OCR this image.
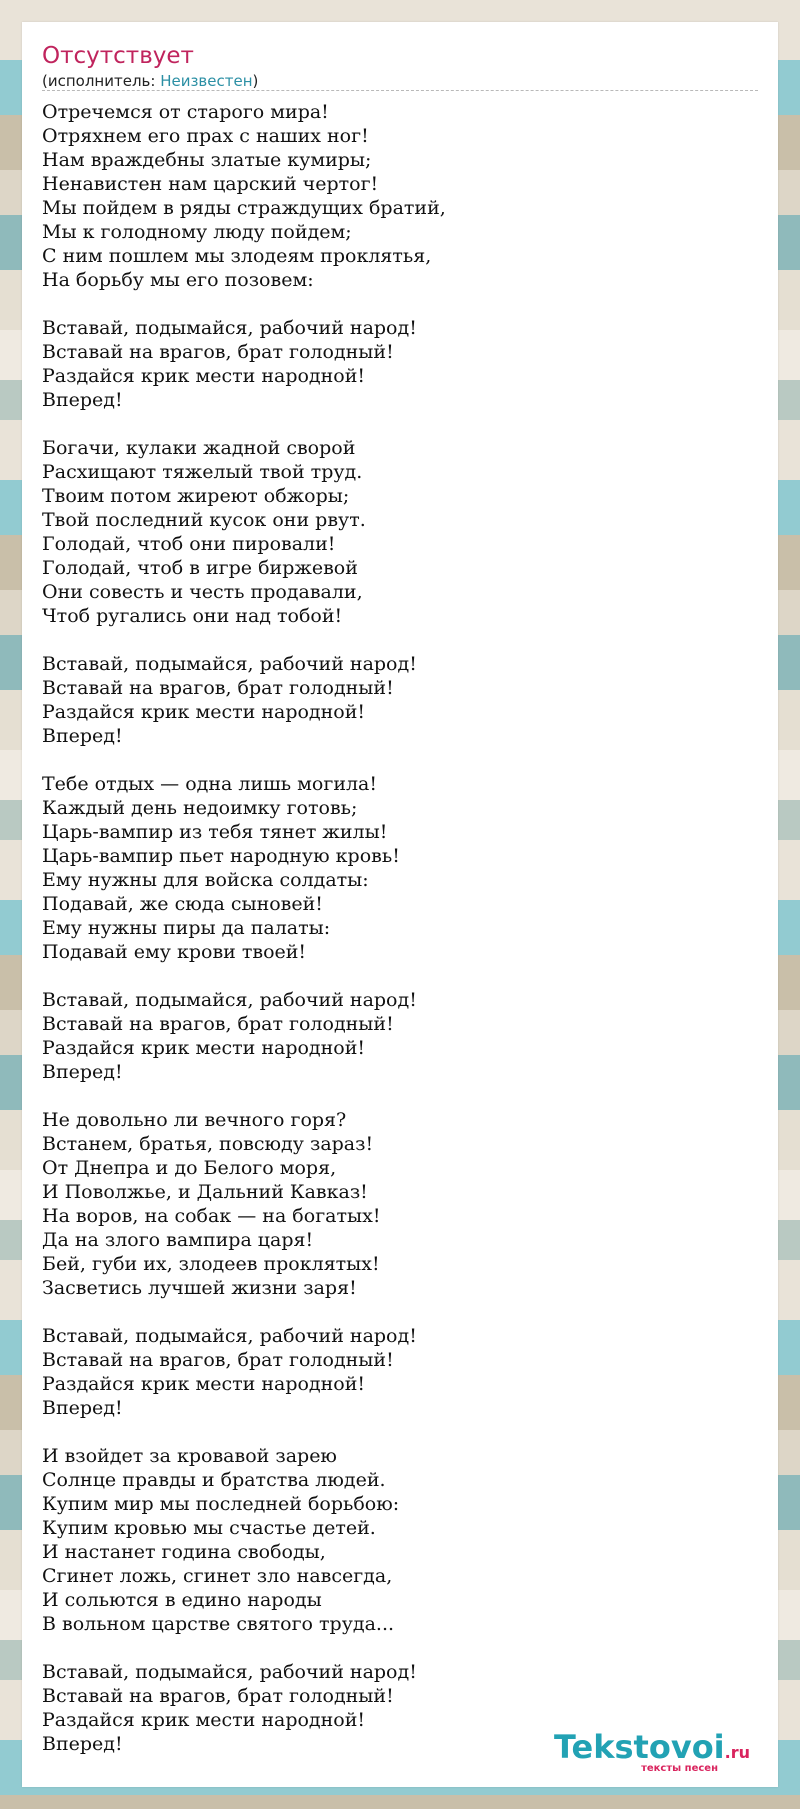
Отсутствует
(исполнитель: Неизвестен)
Отречемся от старого мира!
Отряхнем его прах с наших ног!
Нам враждебны златые кумиры;
Ненавистен нам царский чертог!
Мы пойдем в ряды страждущих братий,
Мы к голодному люду пойдем;
С ним пошлем мы злодеям проклятья,
На борьбу мы его позовем:
Вставай, подымайся, рабочий народ!
Вставай на врагов, брат голодный!
Раздайся крик мести народной!
Вперед!
Богачи, кулаки жадной сворой
Расхищают тяжелый твой труд.
Твоим потом жиреют обжоры;
Твой последний кусок они рвут.
Голодай, чтоб они пировали!
Голодай, чтоб в игре биржевой
Они совесть и честь продавали,
Чтоб ругались они над тобой!
Вставай, подымайся, рабочий народ!
Вставай на врагов, брат голодный!
Раздайся крик мести народной!
Вперед!
Тебе отдых — одна лишь могила!
Каждый день недоимку готовь;
Царь-вампир из тебя тянет жилы!
Царь-вампир пьет народную кровь!
Ему нужны для войска солдаты:
Подавай, же сюда сыновей!
Ему нужны пиры да палаты:
Подавай ему крови твоей!
Вставай, подымайся, рабочий народ!
Вставай на врагов, брат голодный!
Раздайся крик мести народной!
Вперед!
Не довольно ли вечного горя?
Встанем, братья, повсюду зараз!
От Днепра и до Белого моря,
И Поволжье, и Дальний Кавказ!
На воров, на собак — на богатых!
Да на злого вампира царя!
Бей, губи их, злодеев проклятых!
Засветись лучшей жизни заря!
Вставай, подымайся, рабочий народ!
Вставай на врагов, брат голодный!
Раздайся крик мести народной!
Вперед!
И взойдет за кровавой зарею
Солнце правды и братства людей.
Купим мир мы последней борьбою:
Купим кровью мы счастье детей.
И настанет година свободы,
Сгинет ложь, сгинет зло навсегда,
И сольются в едино народы
В вольном царстве святого труда...
Вставай, подымайся, рабочий народ!
Вставай на врагов, брат голодный!
Раздайся крик мести народной!
Вперед!	Tekstovoi.ru
тексты песен
